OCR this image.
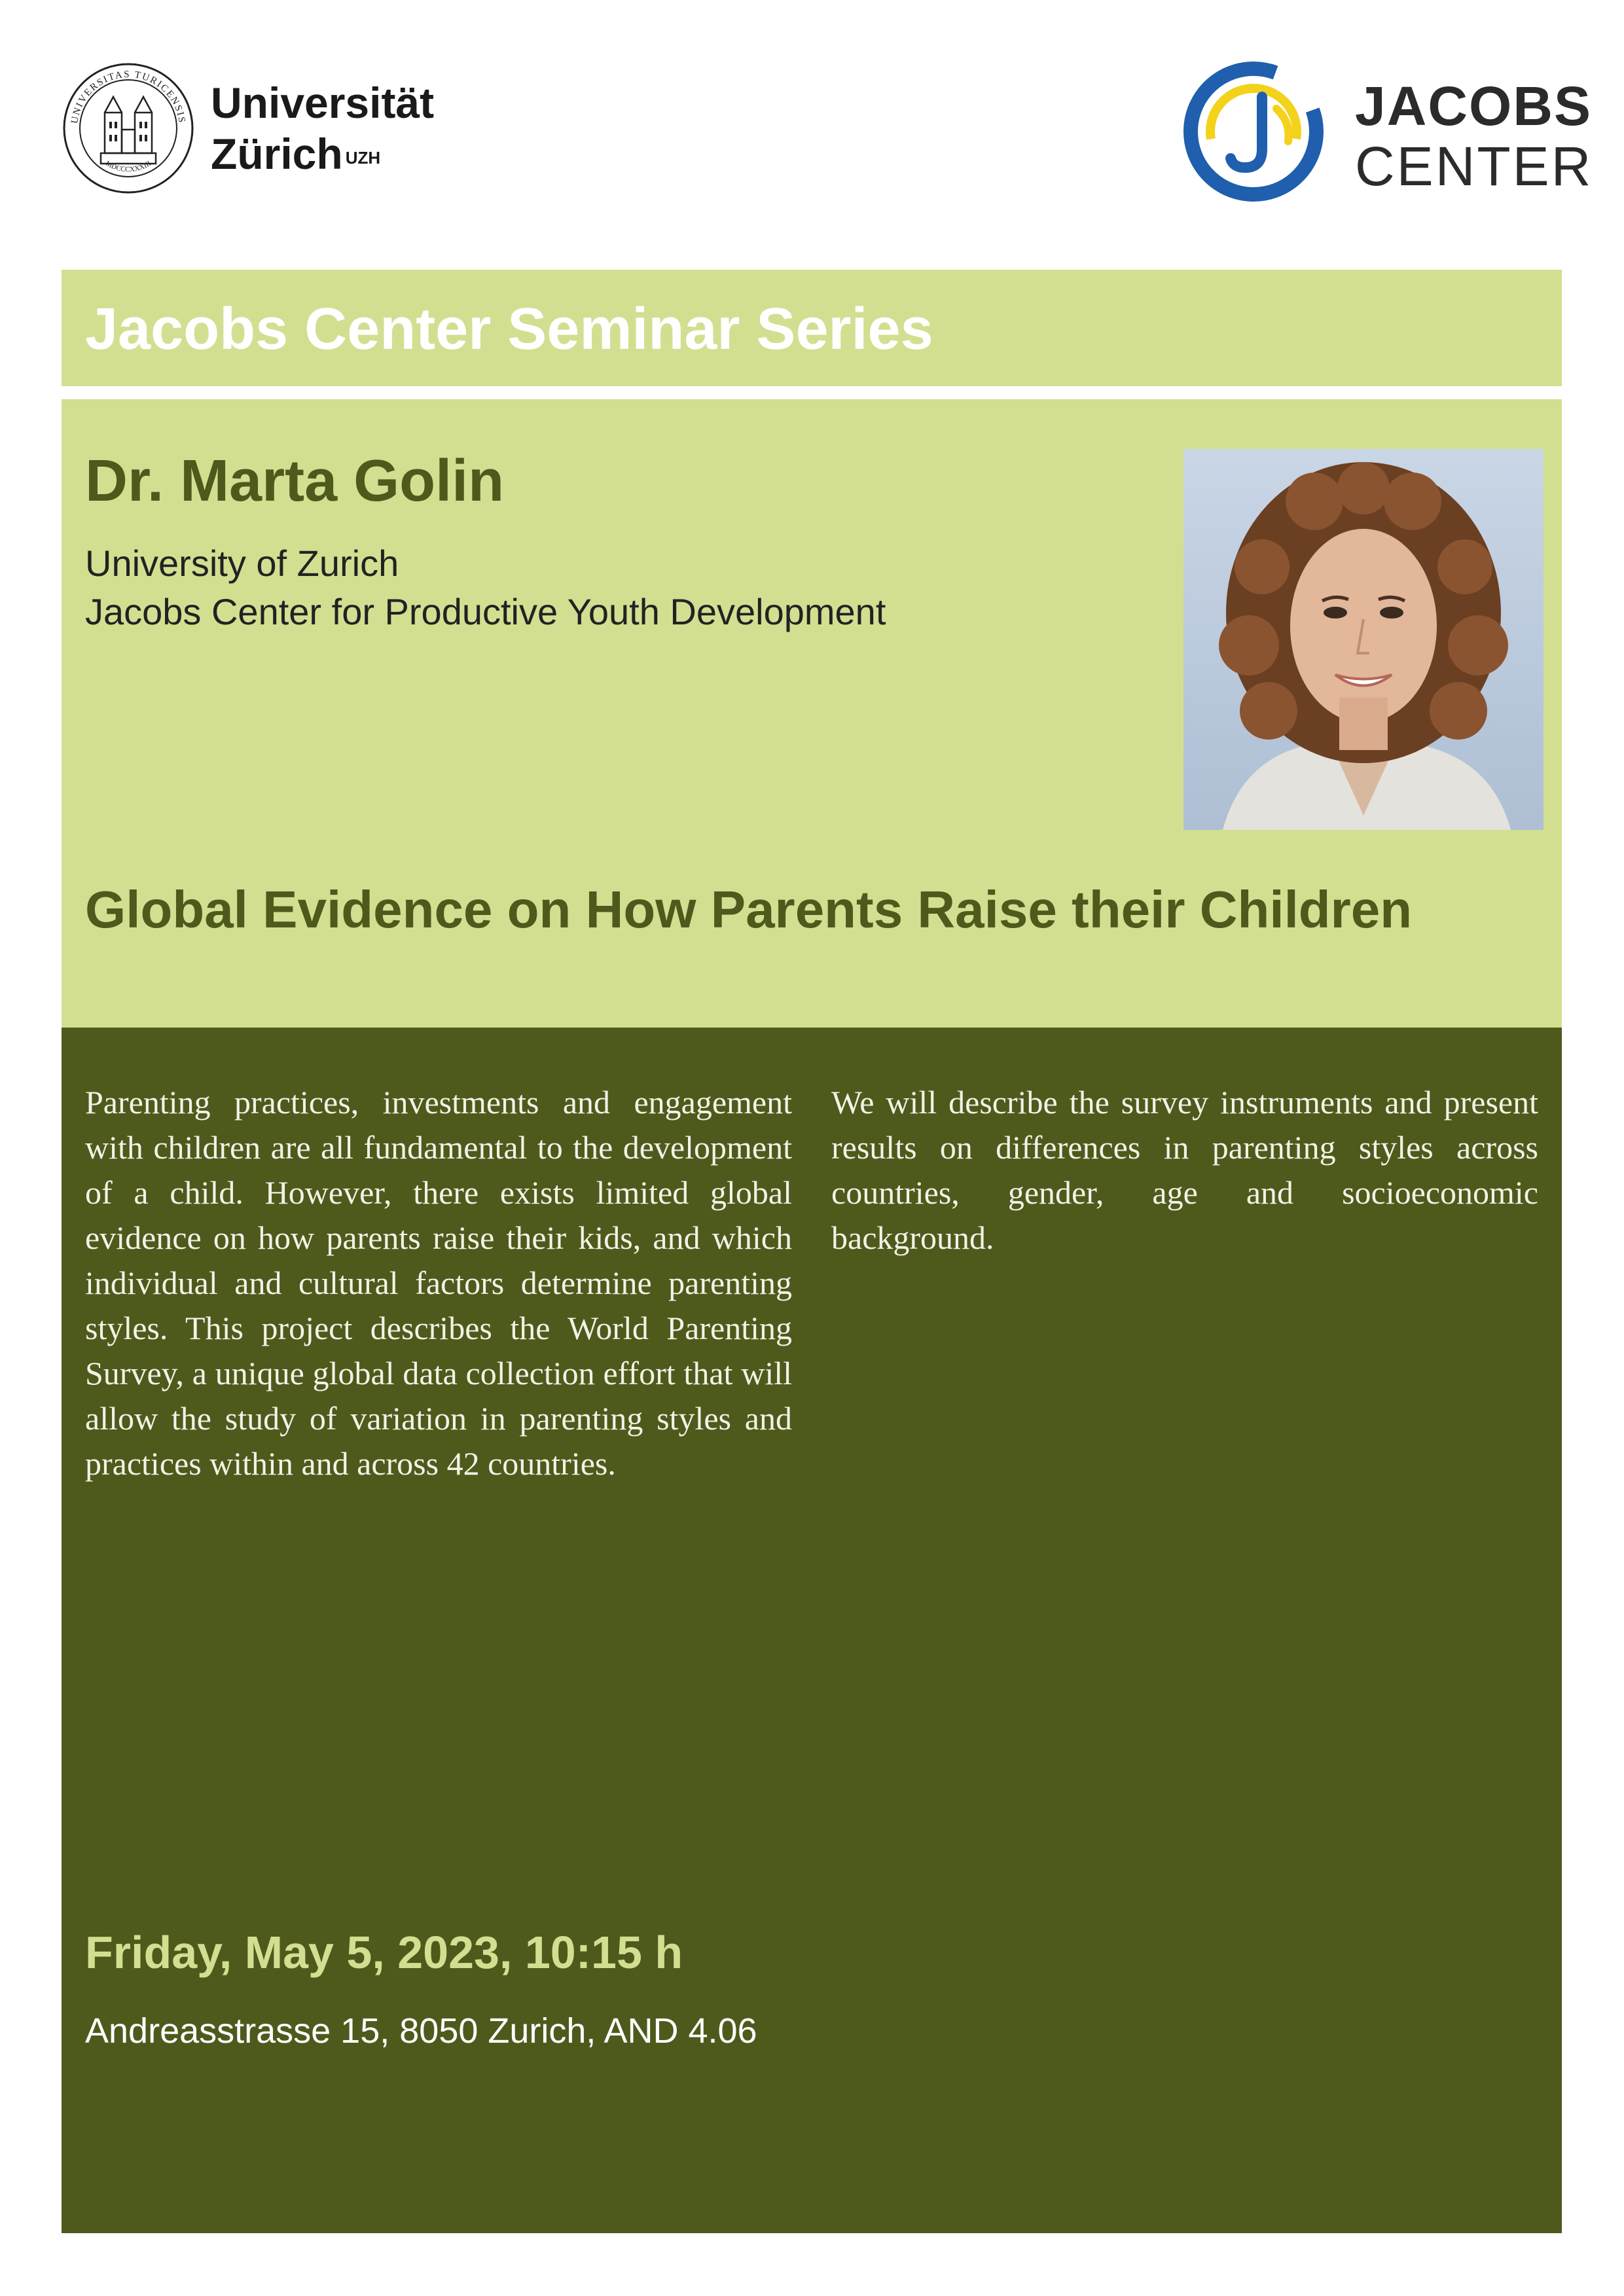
UNIVERSITAS TURICENSIS
MDCCCXXXIII
Universität
Zürich $^{UZH}$
JACOBS
CENTER
Jacobs Center Seminar Series
Dr. Marta Golin
University of Zurich
Jacobs Center for Productive Youth Development
Global Evidence on How Parents Raise their Children

Parenting practices, investments and engagement with children are all fundamental to the development of a child. However, there exists limited global evidence on how parents raise their kids, and which individual and cultural factors determine parenting styles. This project describes the World Parenting Survey, a unique global data collection effort that will allow the study of variation in parenting styles and practices within and across 42 countries.

We will describe the survey instruments and present results on differences in parenting styles across countries, gender, age and socioeconomic background.

Friday, May 5, 2023, 10:15 h
Andreasstrasse 15, 8050 Zurich, AND 4.06
